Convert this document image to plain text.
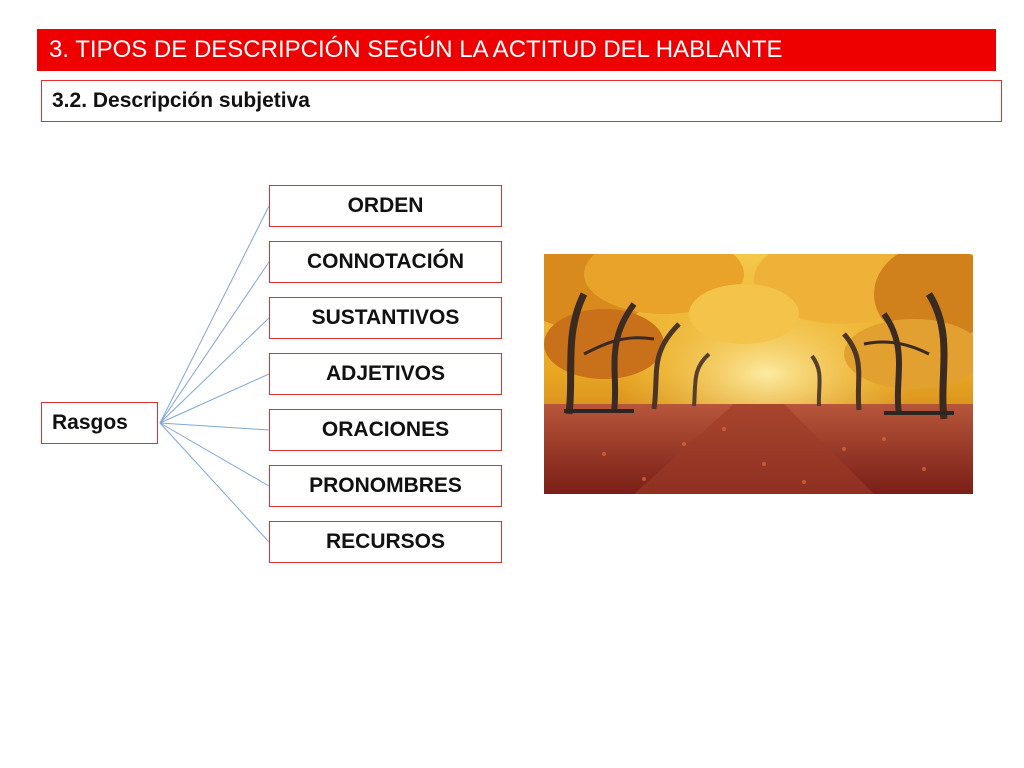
3. TIPOS DE DESCRIPCIÓN SEGÚN LA ACTITUD DEL HABLANTE
3.2. Descripción subjetiva
Rasgos
ORDEN
CONNOTACIÓN
SUSTANTIVOS
ADJETIVOS
ORACIONES
PRONOMBRES
RECURSOS
